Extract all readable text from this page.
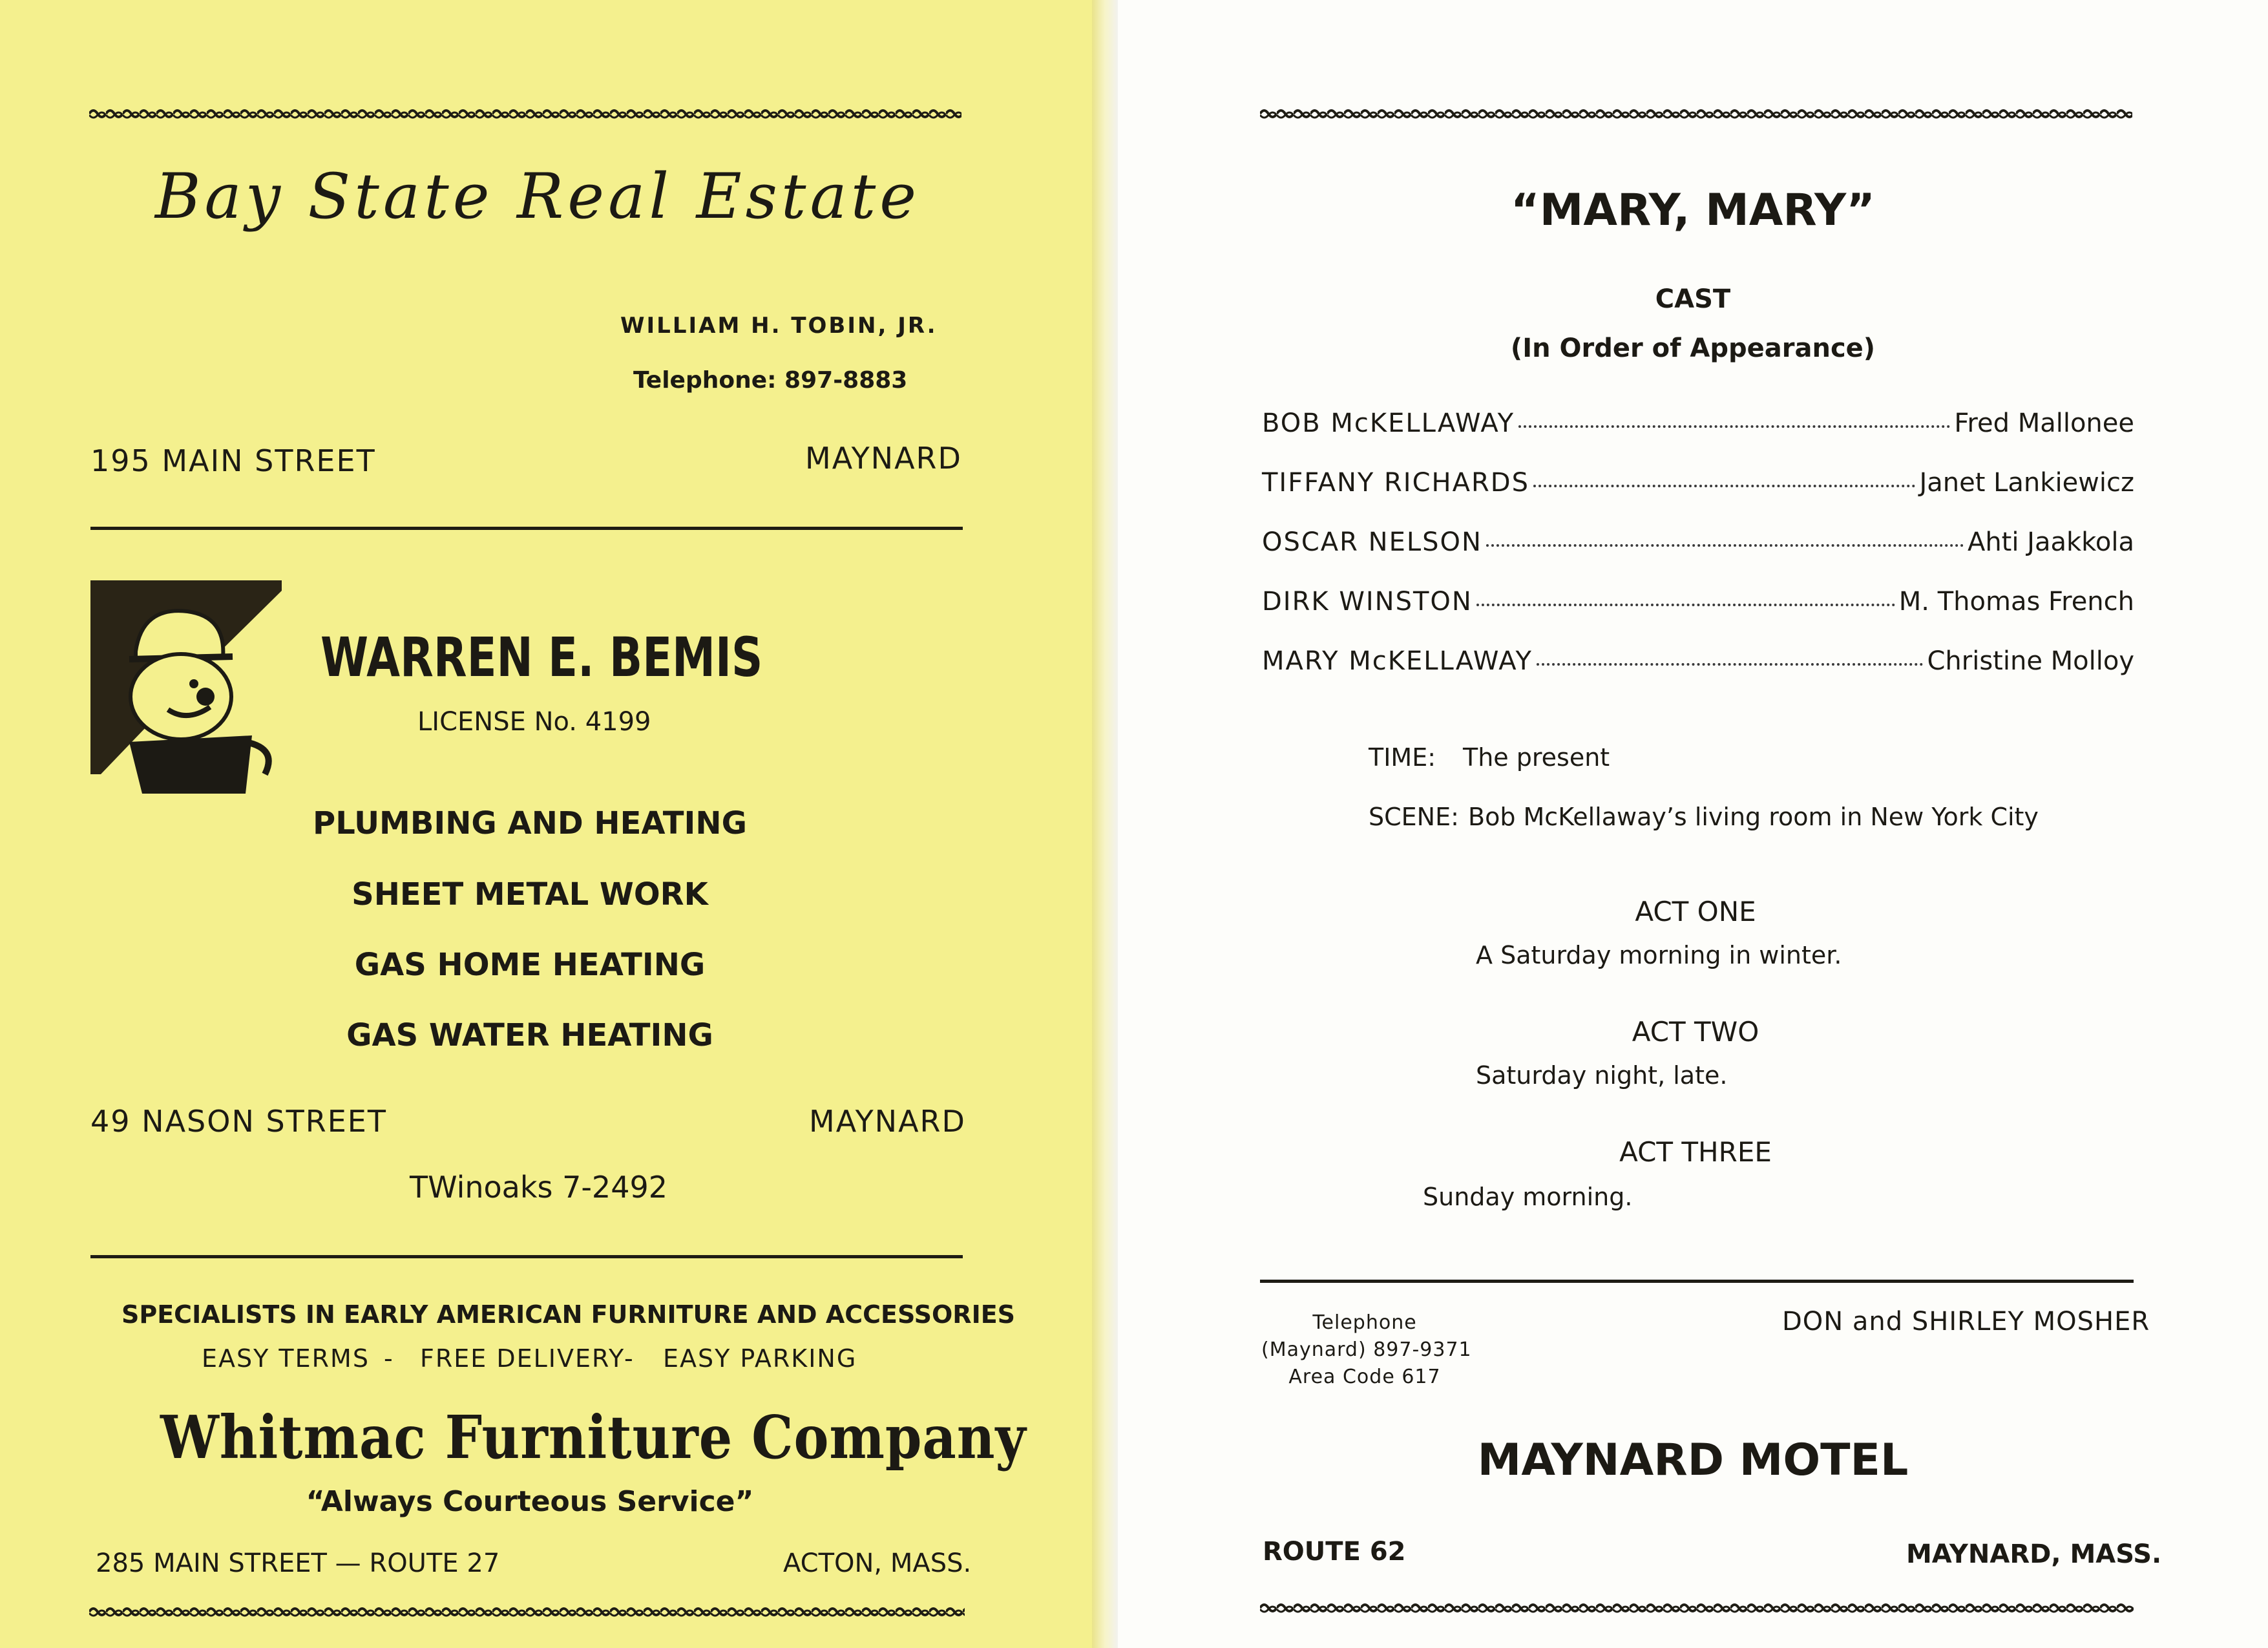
Bay State Real Estate
WILLIAM H. TOBIN, JR.
Telephone: 897-8883
195 MAIN STREET	MAYNARD
WARREN E. BEMIS
LICENSE No. 4199
PLUMBING AND HEATING
SHEET METAL WORK
GAS HOME HEATING
GAS WATER HEATING
49 NASON STREET	MAYNARD
TWinoaks 7-2492
SPECIALISTS IN EARLY AMERICAN FURNITURE AND ACCESSORIES
EASY TERMS - FREE DELIVERY
- EASY PARKING
Whitmac Furniture Company
“Always Courteous Service”
285 MAIN STREET — ROUTE 27	ACTON, MASS.
“MARY, MARY”
CAST
(In Order of Appearance)
BOB McKELLAWAY	Fred Mallonee
TIFFANY RICHARDS	Janet Lankiewicz
OSCAR NELSON	Ahti Jaakkola
DIRK WINSTON	M. Thomas French
MARY McKELLAWAY	Christine Molloy
TIME: The present
SCENE: Bob McKellaway’s living room in New York City
ACT ONE
A Saturday morning in winter.
ACT TWO
Saturday night, late.
ACT THREE
Sunday morning.
Telephone
(Maynard) 897-9371
Area Code 617
DON and SHIRLEY MOSHER
MAYNARD MOTEL
ROUTE 62	MAYNARD, MASS.
